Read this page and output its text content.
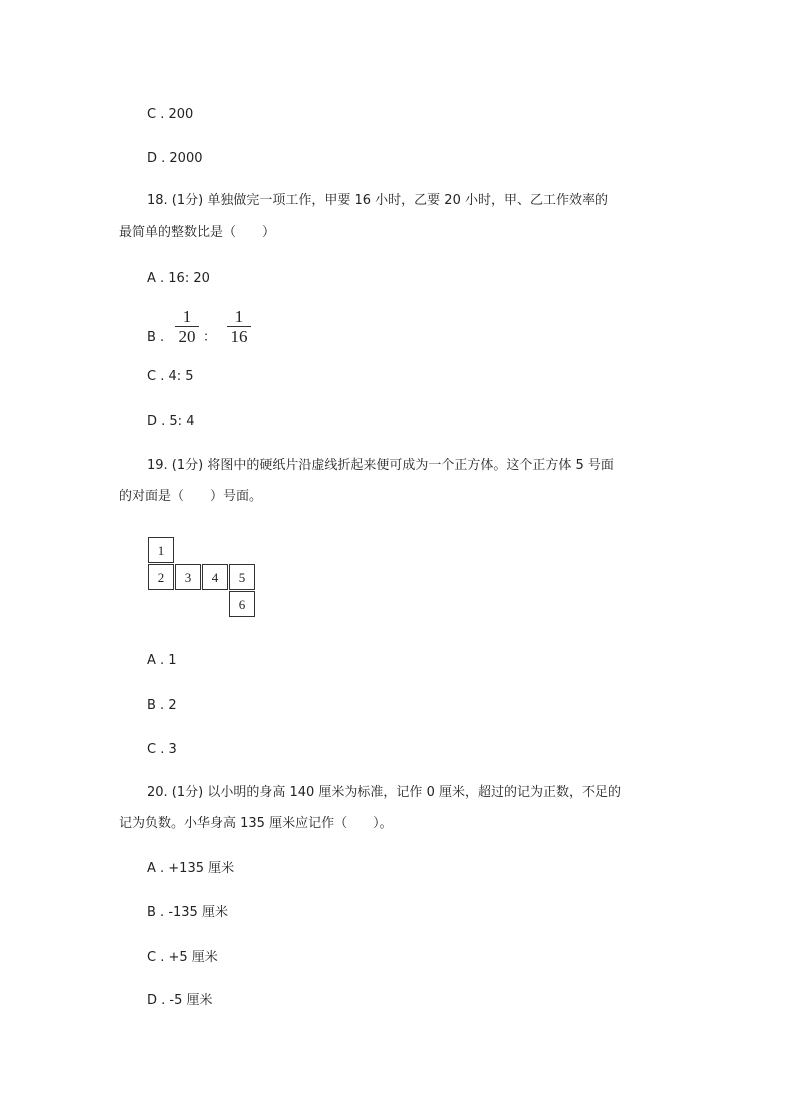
C . 200
D . 2000
18. (1分) 单独做完一项工作，甲要 16 小时，乙要 20 小时，甲、乙工作效率的
最简单的整数比是（　　）
A . 16: 20
B .
1
20 ：
1
16
C . 4: 5
D . 5: 4
19. (1分) 将图中的硬纸片沿虚线折起来便可成为一个正方体。这个正方体 5 号面
的对面是（　　）号面。
1
2	3	4	5
6
A . 1
B . 2
C . 3
20. (1分) 以小明的身高 140 厘米为标准，记作 0 厘米，超过的记为正数，不足的
记为负数。小华身高 135 厘米应记作（　　）。
A . +135 厘米
B . -135 厘米
C . +5 厘米
D . -5 厘米
